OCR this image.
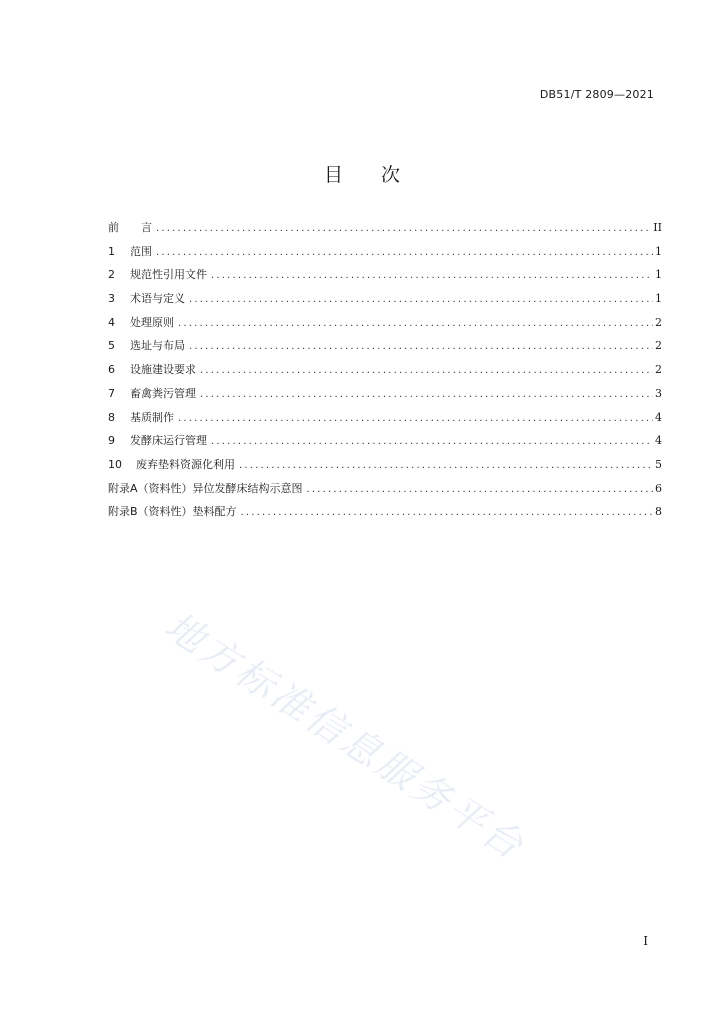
DB51/T 2809—2021
目 次
前　　言 .....	II
1	范围 .....	1
2	规范性引用文件 .....	1
3	术语与定义 .....	1
4	处理原则 .....	2
5	选址与布局 .....	2
6	设施建设要求 .....	2
7	畜禽粪污管理 .....	3
8	基质制作 .....	4
9	发酵床运行管理 .....	4
10	废弃垫料资源化利用 .....	5
附录A（资料性）异位发酵床结构示意图 .....	6
附录B（资料性）垫料配方 .....	8
地方标准信息服务平台
I
